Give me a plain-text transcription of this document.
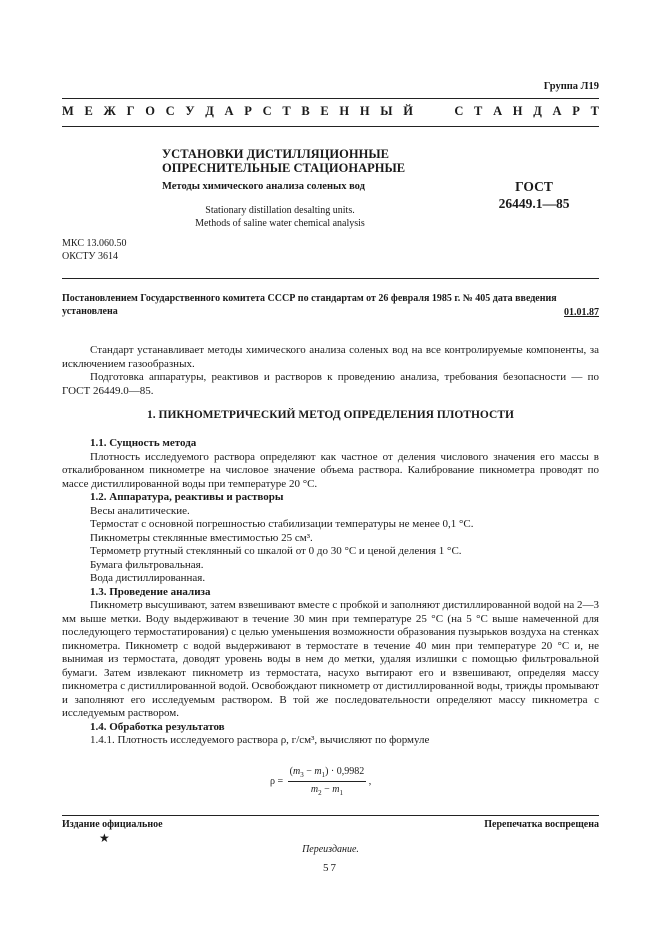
Группа Л19
М Е Ж Г О С У Д А Р С Т В Е Н Н Ы Й	С Т А Н Д А Р Т
УСТАНОВКИ ДИСТИЛЛЯЦИОННЫЕ
ОПРЕСНИТЕЛЬНЫЕ СТАЦИОНАРНЫЕ
Методы химического анализа соленых вод
Stationary distillation desalting units.
Methods of saline water chemical analysis
ГОСТ
26449.1—85
МКС 13.060.50
ОКСТУ 3614
Постановлением Государственного комитета СССР по стандартам от 26 февраля 1985 г. № 405 дата введения установлена	01.01.87

Стандарт устанавливает методы химического анализа соленых вод на все контролируемые компоненты, за исключением газообразных.

Подготовка аппаратуры, реактивов и растворов к проведению анализа, требования безопасности — по ГОСТ 26449.0—85.

1. ПИКНОМЕТРИЧЕСКИЙ МЕТОД ОПРЕДЕЛЕНИЯ ПЛОТНОСТИ

1.1. Сущность метода

Плотность исследуемого раствора определяют как частное от деления числового значения его массы в откалиброванном пикнометре на числовое значение объема раствора. Калибрование пикнометра проводят по массе дистиллированной воды при температуре 20 °С.

1.2. Аппаратура, реактивы и растворы

Весы аналитические.

Термостат с основной погрешностью стабилизации температуры не менее 0,1 °С.

Пикнометры стеклянные вместимостью 25 см³.

Термометр ртутный стеклянный со шкалой от 0 до 30 °С и ценой деления 1 °С.

Бумага фильтровальная.

Вода дистиллированная.

1.3. Проведение анализа

Пикнометр высушивают, затем взвешивают вместе с пробкой и заполняют дистиллированной водой на 2—3 мм выше метки. Воду выдерживают в течение 30 мин при температуре 25 °С (на 5 °С выше намеченной для последующего термостатирования) с целью уменьшения возможности образования пузырьков воздуха на стенках пикнометра. Пикнометр с водой выдерживают в термостате в течение 40 мин при температуре 20 °С и, не вынимая из термостата, доводят уровень воды в нем до метки, удаляя излишки с помощью фильтровальной бумаги. Затем извлекают пикнометр из термостата, насухо вытирают его и взвешивают, определяя массу пикнометра с дистиллированной водой. Освобождают пикнометр от дистиллированной воды, трижды промывают и заполняют его исследуемым раствором. В той же последовательности определяют массу пикнометра с исследуемым раствором.

1.4. Обработка результатов

1.4.1. Плотность исследуемого раствора ρ, г/см³, вычисляют по формуле

$\rho = \frac{(m_3 - m_1) \cdot 0,9982}{m_2 - m_1}$ ,
Издание официальное
★
Перепечатка воспрещена
Переиздание.
57
